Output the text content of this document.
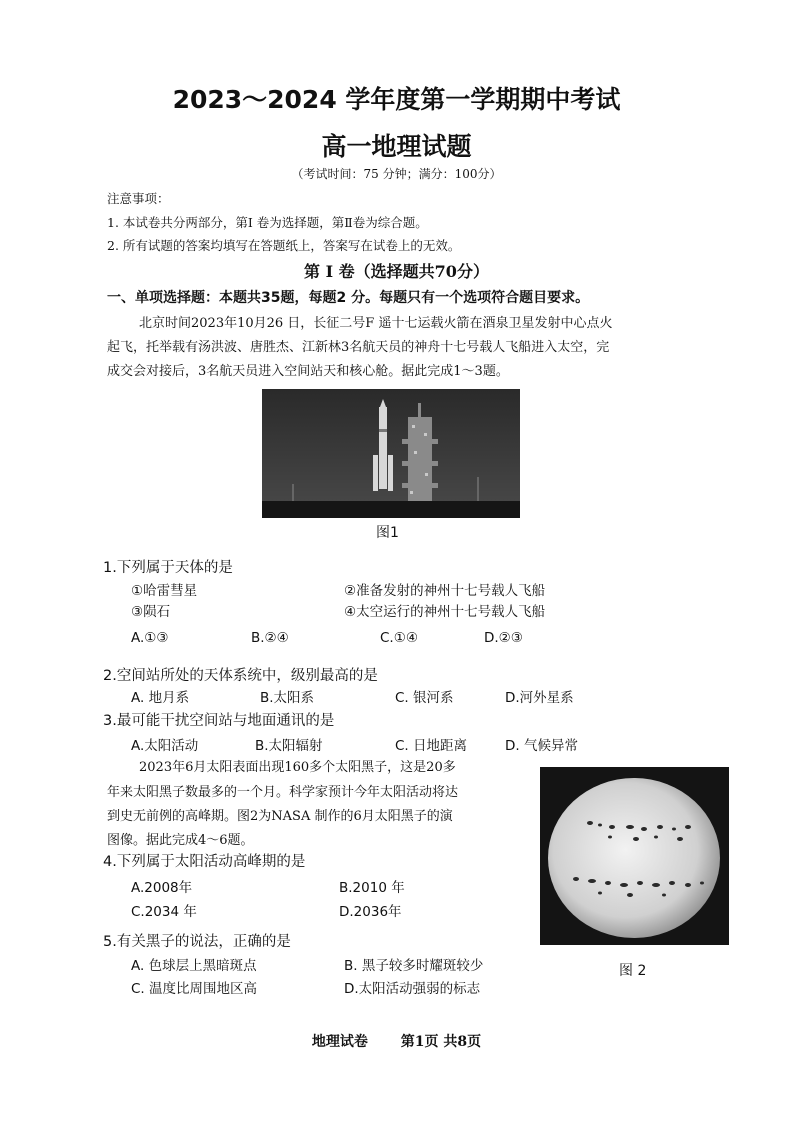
2023～2024 学年度第一学期期中考试
高一地理试题
（考试时间：75 分钟；满分：100分）
注意事项：
1. 本试卷共分两部分，第Ⅰ 卷为选择题，第Ⅱ卷为综合题。
2. 所有试题的答案均填写在答题纸上，答案写在试卷上的无效。
第 Ⅰ 卷（选择题共70分）
一、单项选择题：本题共35题，每题2 分。每题只有一个选项符合题目要求。
北京时间2023年10月26 日，长征二号F 遥十七运载火箭在酒泉卫星发射中心点火
起飞，托举载有汤洪波、唐胜杰、江新林3名航天员的神舟十七号载人飞船进入太空，完
成交会对接后，3名航天员进入空间站天和核心舱。据此完成1～3题。
图1
1.下列属于天体的是
①哈雷彗星	②准备发射的神州十七号载人飞船
③陨石	④太空运行的神州十七号载人飞船
A.①③	B.②④	C.①④	D.②③
2.空间站所处的天体系统中，级别最高的是
A. 地月系	B.太阳系	C. 银河系	D.河外星系
3.最可能干扰空间站与地面通讯的是
A.太阳活动	B.太阳辐射	C. 日地距离	D. 气候异常
2023年6月太阳表面出现160多个太阳黑子，这是20多
年来太阳黑子数最多的一个月。科学家预计今年太阳活动将达
到史无前例的高峰期。图2为NASA 制作的6月太阳黑子的演
图像。据此完成4～6题。
图 2
4.下列属于太阳活动高峰期的是
A.2008年	B.2010 年
C.2034 年	D.2036年
5.有关黑子的说法，正确的是
A. 色球层上黑暗斑点	B. 黑子较多时耀斑较少
C. 温度比周围地区高	D.太阳活动强弱的标志
地理试卷 第1页 共8页
